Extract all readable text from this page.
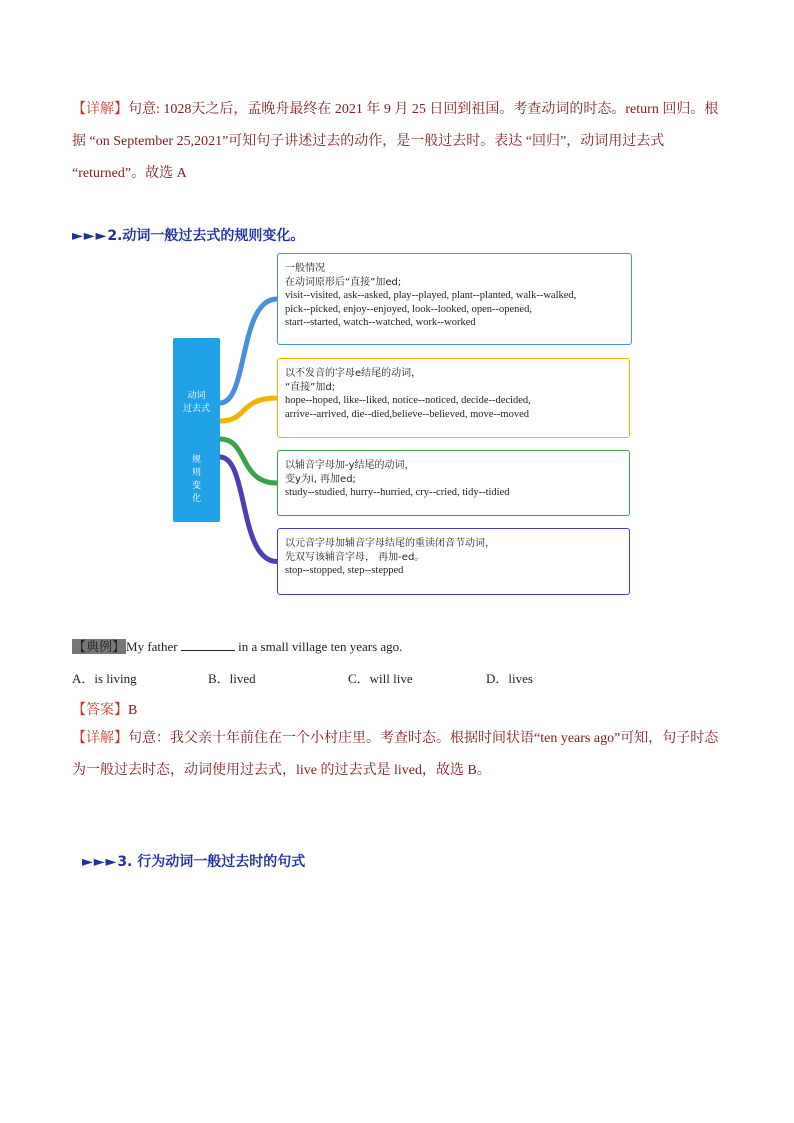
【详解】句意: 1028天之后，孟晚舟最终在 2021 年 9 月 25 日回到祖国。考查动词的时态。return 回归。根据 “on September 25,2021”可知句子讲述过去的动作，是一般过去时。表达 “回归”，动词用过去式 “returned”。故选 A
►►►2.动词一般过去式的规则变化。
动词
过去式
规
则
变
化
一般情况
在动词原形后“直接”加ed;
visit--visited, ask--asked, play--played, plant--planted, walk--walked,
pick--picked, enjoy--enjoyed, look--looked, open--opened,
start--started, watch--watched, work--worked
以不发音的字母e结尾的动词，
“直接”加d;
hope--hoped, like--liked, notice--noticed, decide--decided,
arrive--arrived, die--died,believe--believed, move--moved
以辅音字母加-y结尾的动词，
变y为i, 再加ed;
study--studied, hurry--hurried, cry--cried, tidy--tidied
以元音字母加辅音字母结尾的重读闭音节动词，
先双写该辅音字母， 再加-ed。
stop--stopped, step--stepped
【典例】My father	in a small village ten years ago.
A．is living	B．lived	C．will live	D．lives
【答案】B
【详解】句意：我父亲十年前住在一个小村庄里。考查时态。根据时间状语“ten years ago”可知，句子时态为一般过去时态，动词使用过去式，live 的过去式是 lived，故选 B。
►►►3. 行为动词一般过去时的句式
